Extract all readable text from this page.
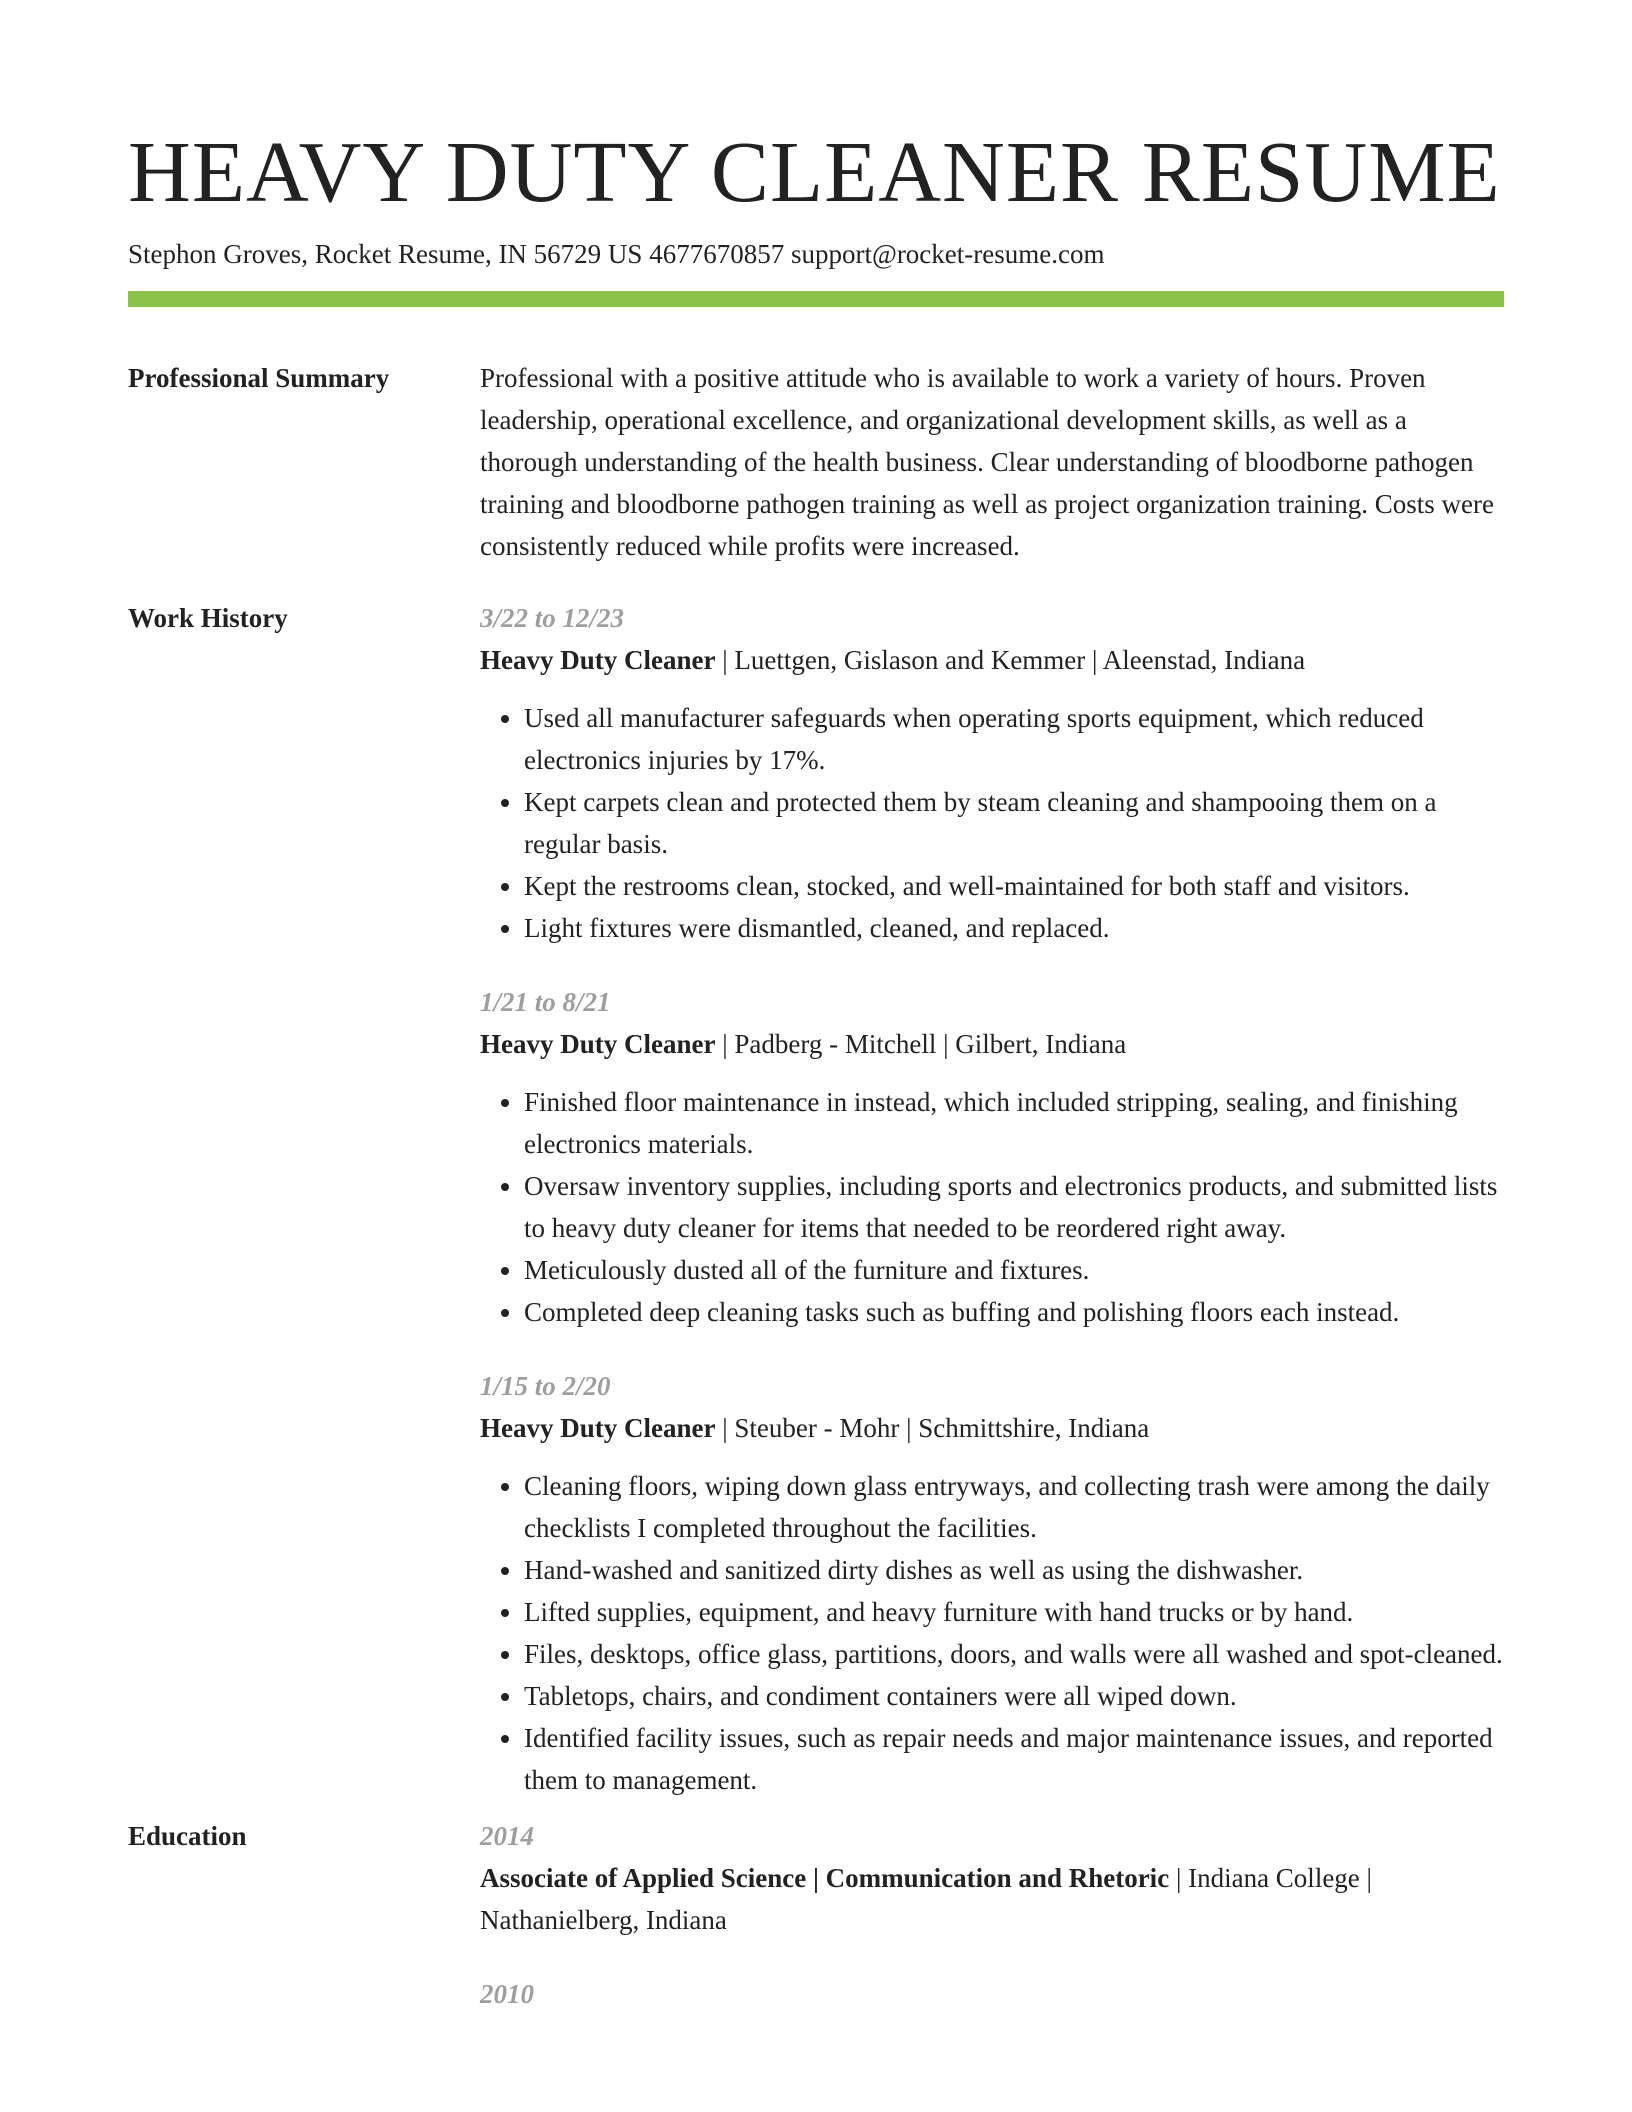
HEAVY DUTY CLEANER RESUME
Stephon Groves, Rocket Resume, IN 56729 US 4677670857 support@rocket-resume.com
Professional Summary	Professional with a positive attitude who is available to work a variety of hours. Proven leadership, operational excellence, and organizational development skills, as well as a thorough understanding of the health business. Clear understanding of bloodborne pathogen training and bloodborne pathogen training as well as project organization training. Costs were consistently reduced while profits were increased.
Work History	3/22 to 12/23
Heavy Duty Cleaner | Luettgen, Gislason and Kemmer | Aleenstad, Indiana
• Used all manufacturer safeguards when operating sports equipment, which reduced electronics injuries by 17%.
• Kept carpets clean and protected them by steam cleaning and shampooing them on a regular basis.
• Kept the restrooms clean, stocked, and well-maintained for both staff and visitors.
• Light fixtures were dismantled, cleaned, and replaced.
1/21 to 8/21
Heavy Duty Cleaner | Padberg - Mitchell | Gilbert, Indiana
• Finished floor maintenance in instead, which included stripping, sealing, and finishing electronics materials.
• Oversaw inventory supplies, including sports and electronics products, and submitted lists to heavy duty cleaner for items that needed to be reordered right away.
• Meticulously dusted all of the furniture and fixtures.
• Completed deep cleaning tasks such as buffing and polishing floors each instead.
1/15 to 2/20
Heavy Duty Cleaner | Steuber - Mohr | Schmittshire, Indiana
• Cleaning floors, wiping down glass entryways, and collecting trash were among the daily checklists I completed throughout the facilities.
• Hand-washed and sanitized dirty dishes as well as using the dishwasher.
• Lifted supplies, equipment, and heavy furniture with hand trucks or by hand.
• Files, desktops, office glass, partitions, doors, and walls were all washed and spot-cleaned.
• Tabletops, chairs, and condiment containers were all wiped down.
• Identified facility issues, such as repair needs and major maintenance issues, and reported them to management.
Education	2014
Associate of Applied Science | Communication and Rhetoric | Indiana College | Nathanielberg, Indiana
2010
